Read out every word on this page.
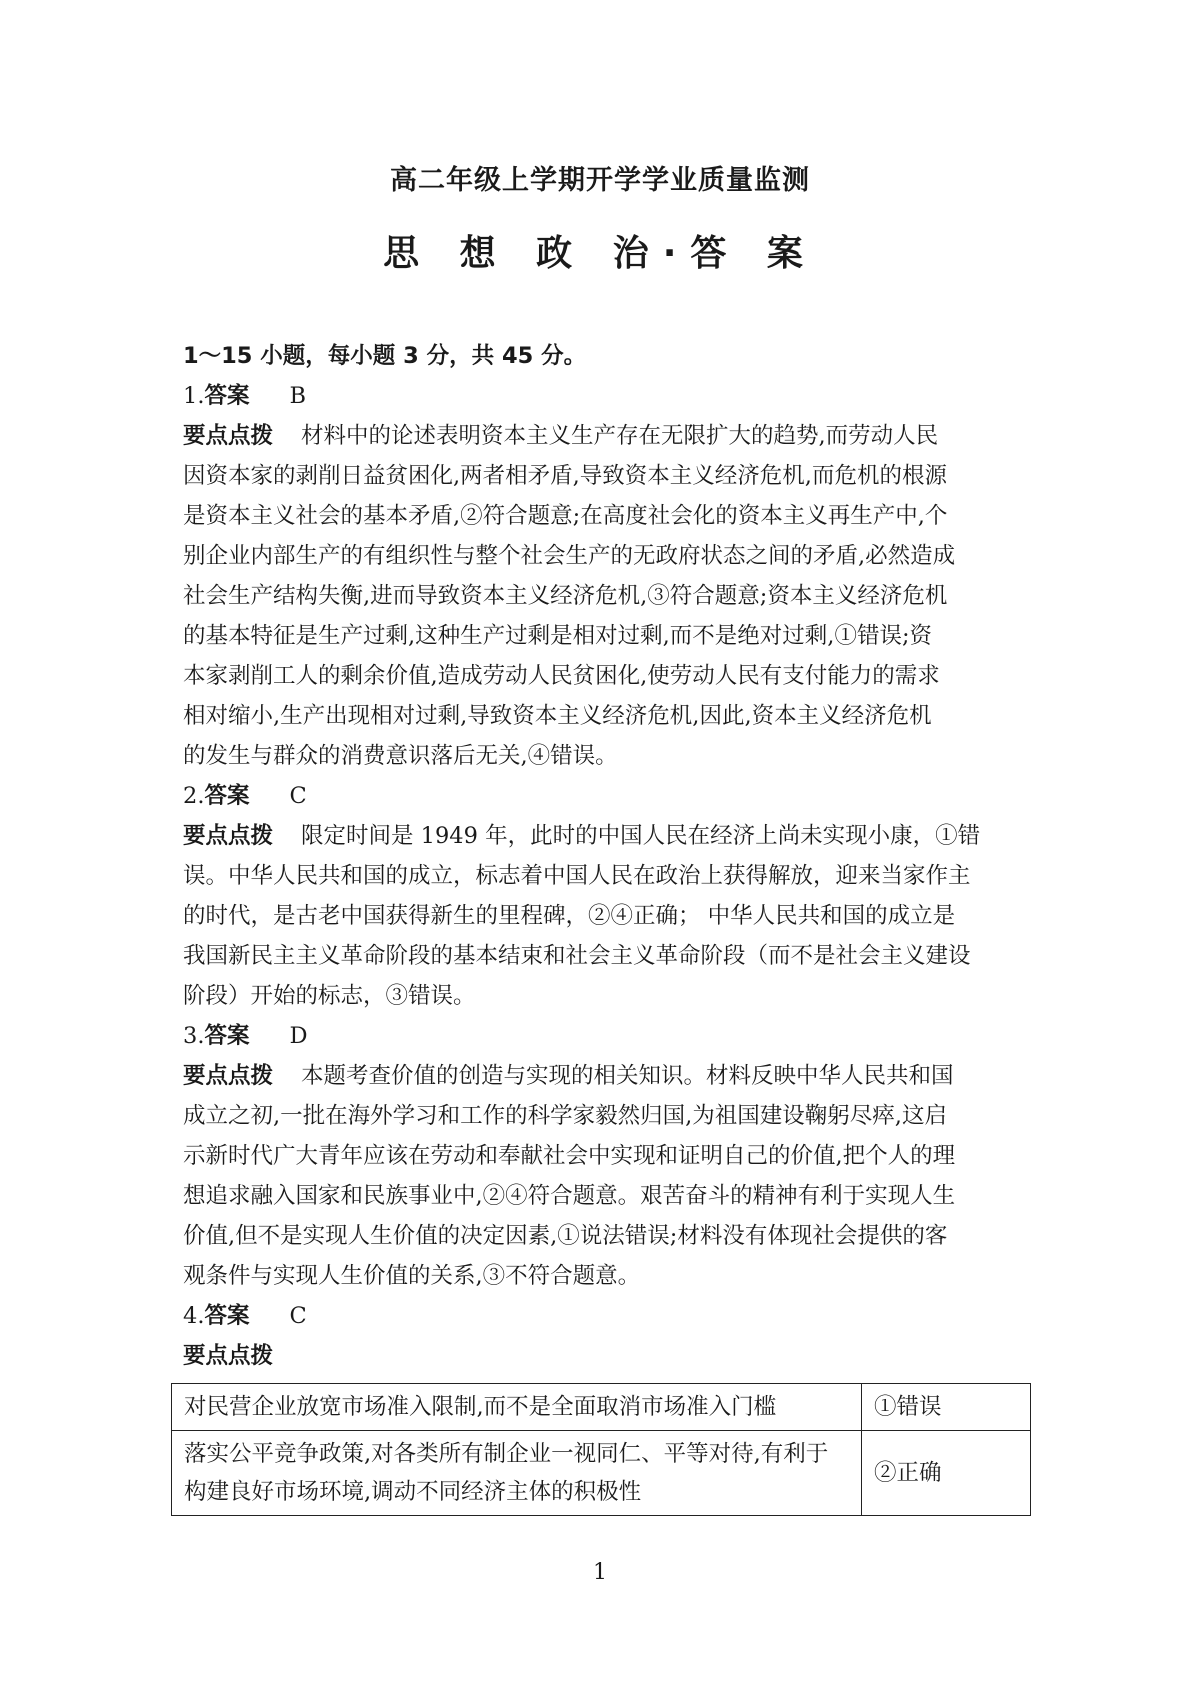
高二年级上学期开学学业质量监测
思 想 政 治·答 案
1～15 小题，每小题 3 分，共 45 分。
1.答案 B
要点点拨 材料中的论述表明资本主义生产存在无限扩大的趋势,而劳动人民
因资本家的剥削日益贫困化,两者相矛盾,导致资本主义经济危机,而危机的根源
是资本主义社会的基本矛盾,②符合题意;在高度社会化的资本主义再生产中,个
别企业内部生产的有组织性与整个社会生产的无政府状态之间的矛盾,必然造成
社会生产结构失衡,进而导致资本主义经济危机,③符合题意;资本主义经济危机
的基本特征是生产过剩,这种生产过剩是相对过剩,而不是绝对过剩,①错误;资
本家剥削工人的剩余价值,造成劳动人民贫困化,使劳动人民有支付能力的需求
相对缩小,生产出现相对过剩,导致资本主义经济危机,因此,资本主义经济危机
的发生与群众的消费意识落后无关,④错误。
2.答案 C
要点点拨 限定时间是 1949 年，此时的中国人民在经济上尚未实现小康，①错
误。中华人民共和国的成立，标志着中国人民在政治上获得解放，迎来当家作主
的时代，是古老中国获得新生的里程碑，②④正确； 中华人民共和国的成立是
我国新民主主义革命阶段的基本结束和社会主义革命阶段（而不是社会主义建设
阶段）开始的标志，③错误。
3.答案 D
要点点拨 本题考查价值的创造与实现的相关知识。材料反映中华人民共和国
成立之初,一批在海外学习和工作的科学家毅然归国,为祖国建设鞠躬尽瘁,这启
示新时代广大青年应该在劳动和奉献社会中实现和证明自己的价值,把个人的理
想追求融入国家和民族事业中,②④符合题意。艰苦奋斗的精神有利于实现人生
价值,但不是实现人生价值的决定因素,①说法错误;材料没有体现社会提供的客
观条件与实现人生价值的关系,③不符合题意。
4.答案 C
要点点拨
对民营企业放宽市场准入限制,而不是全面取消市场准入门槛	①错误
落实公平竞争政策,对各类所有制企业一视同仁、平等对待,有利于构建良好市场环境,调动不同经济主体的积极性	②正确
1
